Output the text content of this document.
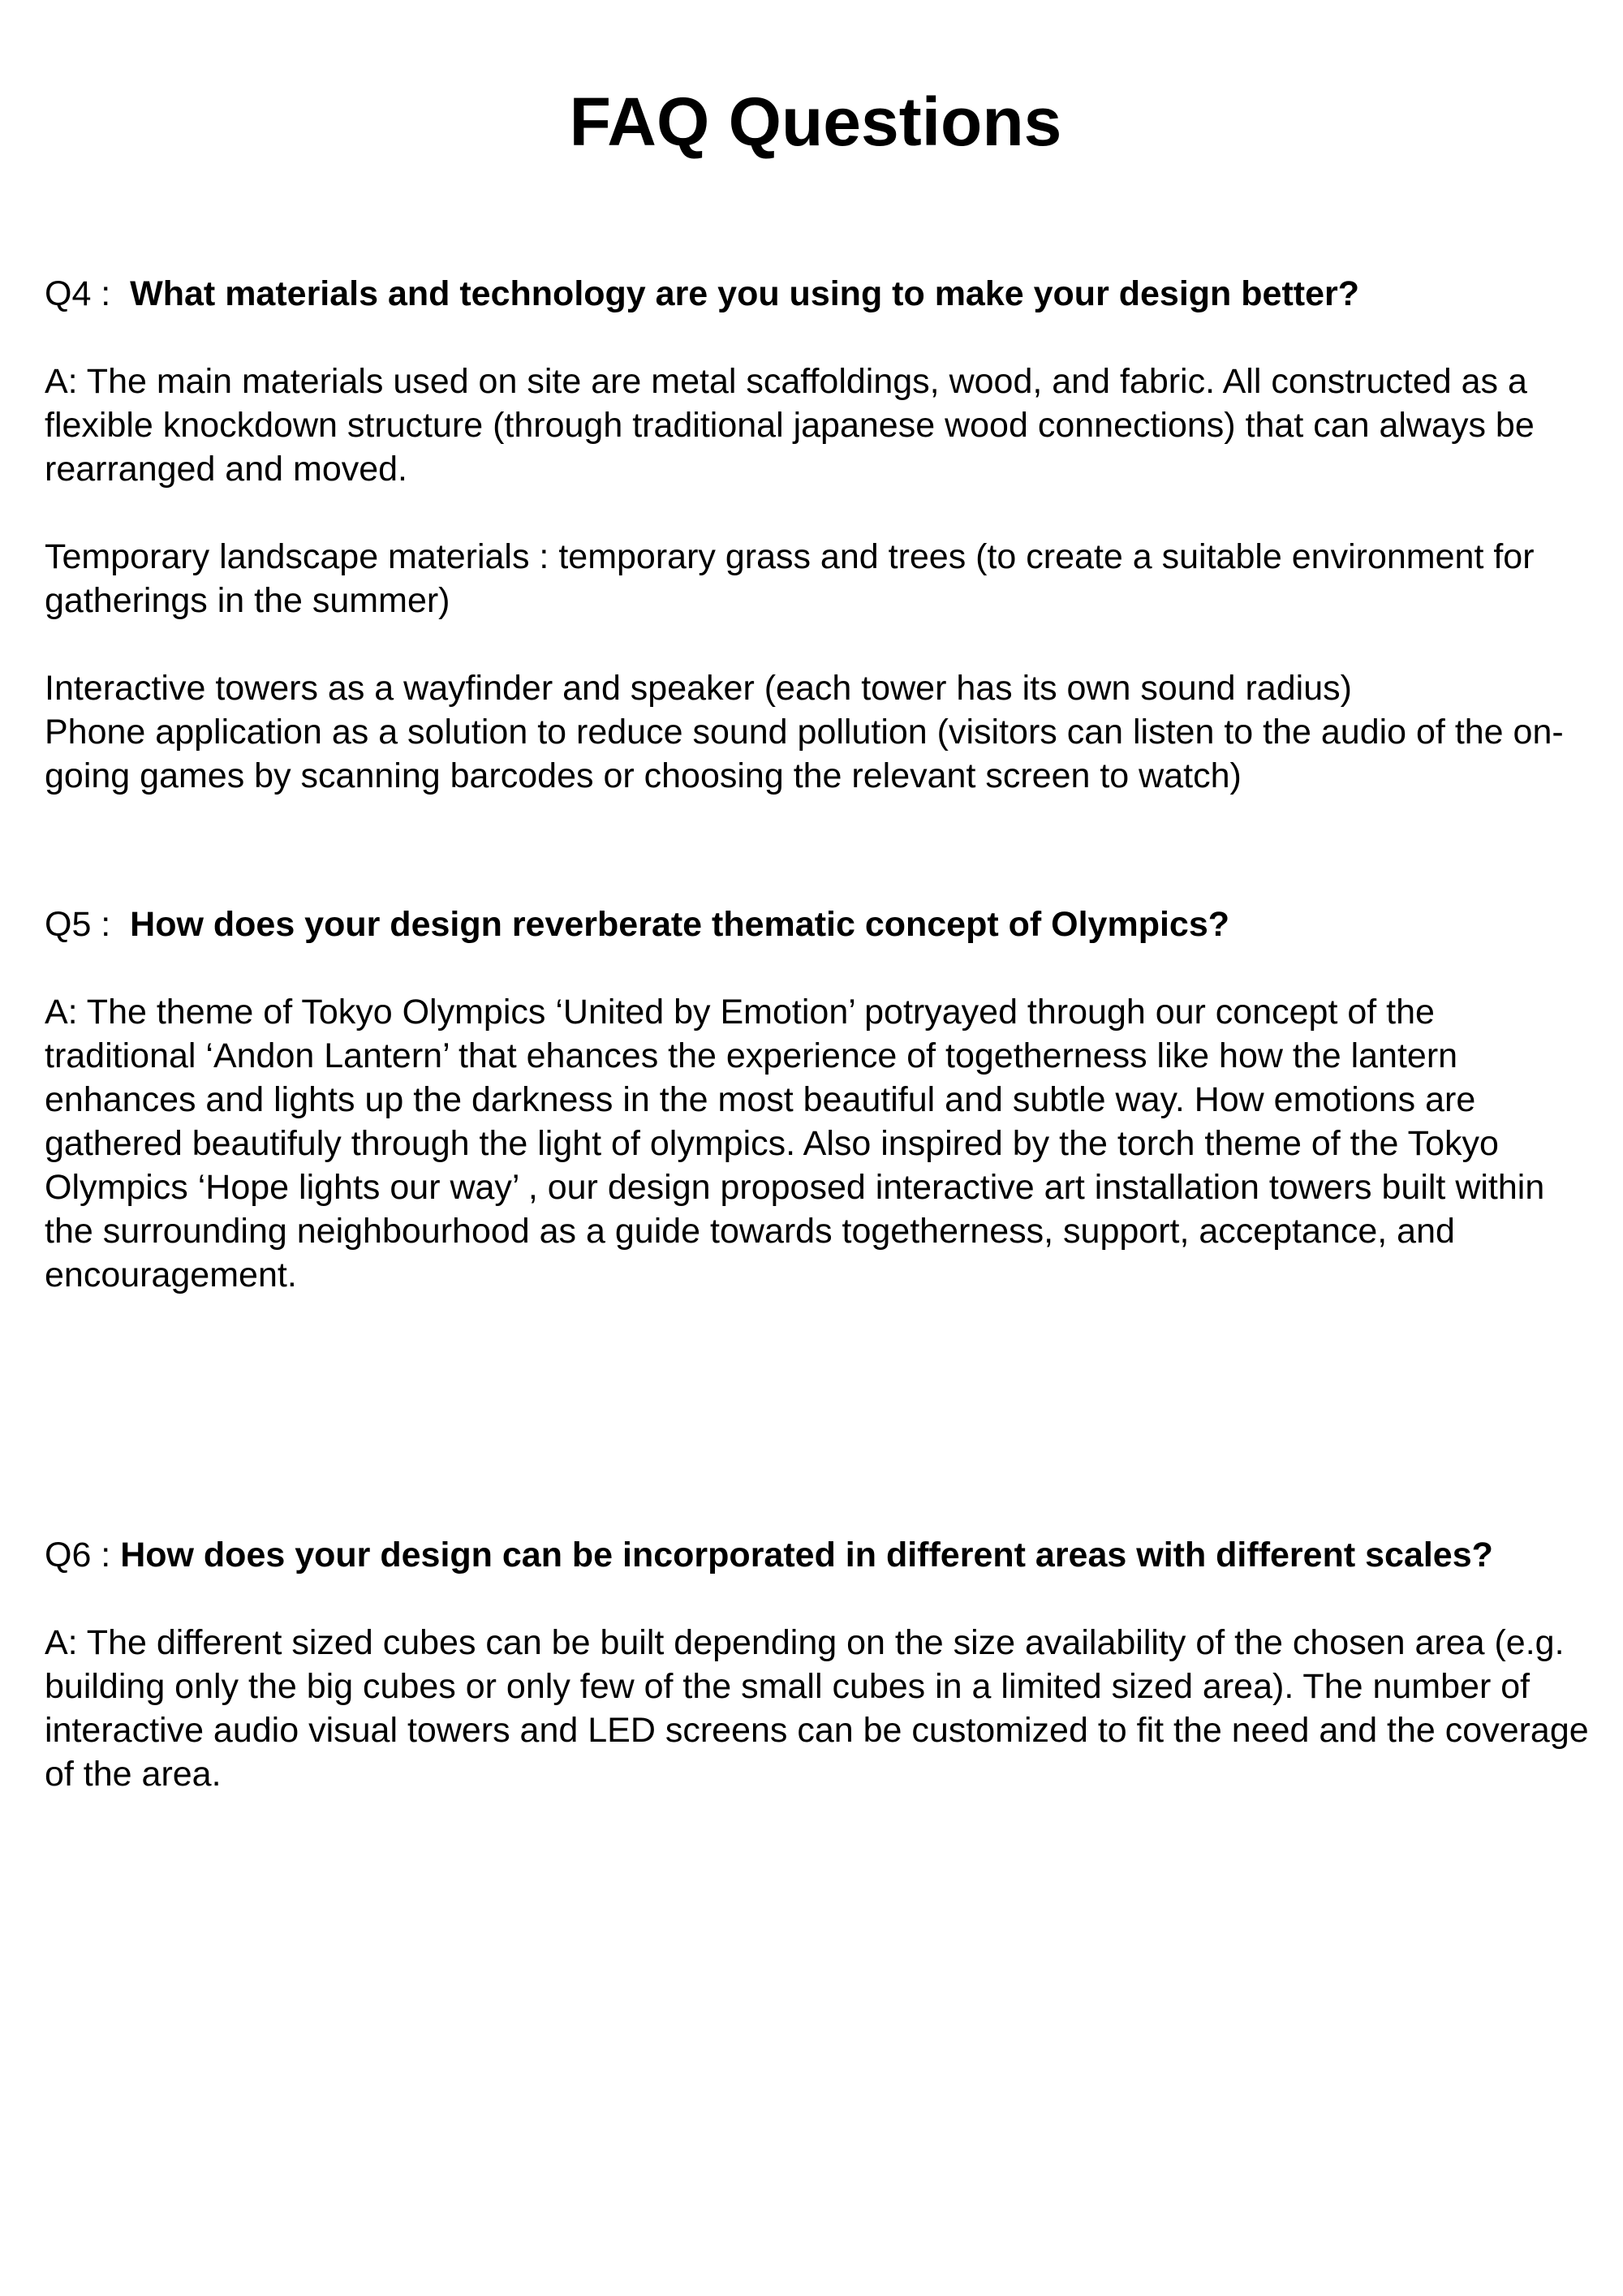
FAQ Questions

Q4 :  What materials and technology are you using to make your design better?

A: The main materials used on site are metal scaffoldings, wood, and fabric. All constructed as a flexible knockdown structure (through traditional japanese wood connections) that can always be rearranged and moved.

Temporary landscape materials : temporary grass and trees (to create a suitable environment for gatherings in the summer)

Interactive towers as a wayfinder and speaker (each tower has its own sound radius)

Phone application as a solution to reduce sound pollution (visitors can listen to the audio of the on-going games by scanning barcodes or choosing the relevant screen to watch)

Q5 :  How does your design reverberate thematic concept of Olympics?

A: The theme of Tokyo Olympics ‘United by Emotion’ potryayed through our concept of the traditional ‘Andon Lantern’ that ehances the experience of togetherness like how the lantern enhances and lights up the darkness in the most beautiful and subtle way. How emotions are gathered beautifuly through the light of olympics. Also inspired by the torch theme of the Tokyo Olympics ‘Hope lights our way’ , our design proposed interactive art installation towers built within the surrounding neighbourhood as a guide towards togetherness, support, acceptance, and encouragement.

Q6 : How does your design can be incorporated in different areas with different scales?

A: The different sized cubes can be built depending on the size availability of the chosen area (e.g. building only the big cubes or only few of the small cubes in a limited sized area). The number of interactive audio visual towers and LED screens can be customized to fit the need and the coverage of the area.
